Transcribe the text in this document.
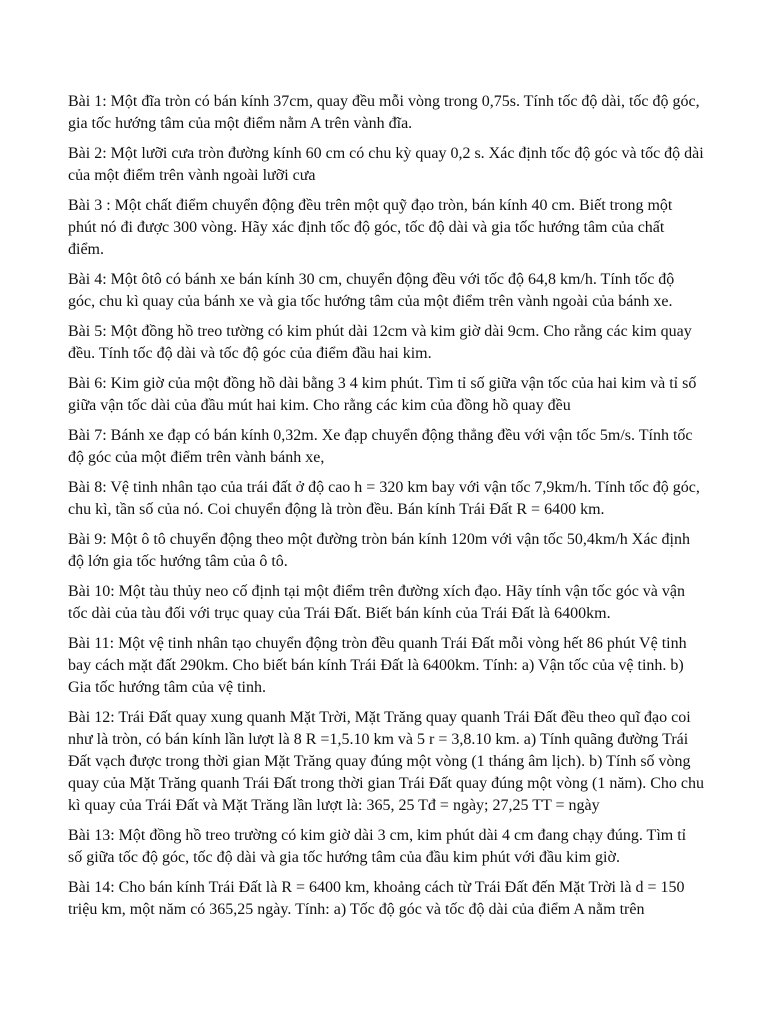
Bài 1: Một đĩa tròn có bán kính 37cm, quay đều mỗi vòng trong 0,75s. Tính tốc độ dài, tốc độ góc, gia tốc hướng tâm của một điểm nằm A trên vành đĩa.

Bài 2: Một lưỡi cưa tròn đường kính 60 cm có chu kỳ quay 0,2 s. Xác định tốc độ góc và tốc độ dài của một điểm trên vành ngoài lưỡi cưa

Bài 3 : Một chất điểm chuyển động đều trên một quỹ đạo tròn, bán kính 40 cm. Biết trong một phút nó đi được 300 vòng. Hãy xác định tốc độ góc, tốc độ dài và gia tốc hướng tâm của chất điểm.

Bài 4: Một ôtô có bánh xe bán kính 30 cm, chuyển động đều với tốc độ 64,8 km/h. Tính tốc độ góc, chu kì quay của bánh xe và gia tốc hướng tâm của một điểm trên vành ngoài của bánh xe.

Bài 5: Một đồng hồ treo tường có kim phút dài 12cm và kim giờ dài 9cm. Cho rằng các kim quay đều. Tính tốc độ dài và tốc độ góc của điểm đầu hai kim.

Bài 6: Kim giờ của một đồng hồ dài bằng 3 4 kim phút. Tìm tỉ số giữa vận tốc của hai kim và tỉ số giữa vận tốc dài của đầu mút hai kim. Cho rằng các kim của đồng hồ quay đều

Bài 7: Bánh xe đạp có bán kính 0,32m. Xe đạp chuyển động thẳng đều với vận tốc 5m/s. Tính tốc độ góc của một điểm trên vành bánh xe,

Bài 8: Vệ tinh nhân tạo của trái đất ở độ cao h = 320 km bay với vận tốc 7,9km/h. Tính tốc độ góc, chu kì, tần số của nó. Coi chuyển động là tròn đều. Bán kính Trái Đất R = 6400 km.

Bài 9: Một ô tô chuyển động theo một đường tròn bán kính 120m với vận tốc 50,4km/h Xác định độ lớn gia tốc hướng tâm của ô tô.

Bài 10: Một tàu thủy neo cố định tại một điểm trên đường xích đạo. Hãy tính vận tốc góc và vận tốc dài của tàu đối với trục quay của Trái Đất. Biết bán kính của Trái Đất là 6400km.

Bài 11: Một vệ tinh nhân tạo chuyển động tròn đều quanh Trái Đất mỗi vòng hết 86 phút Vệ tinh bay cách mặt đất 290km. Cho biết bán kính Trái Đất là 6400km. Tính: a) Vận tốc của vệ tinh. b) Gia tốc hướng tâm của vệ tinh.

Bài 12: Trái Đất quay xung quanh Mặt Trời, Mặt Trăng quay quanh Trái Đất đều theo quĩ đạo coi như là tròn, có bán kính lần lượt là 8 R =1,5.10 km và 5 r = 3,8.10 km. a) Tính quãng đường Trái Đất vạch được trong thời gian Mặt Trăng quay đúng một vòng (1 tháng âm lịch). b) Tính số vòng quay của Mặt Trăng quanh Trái Đất trong thời gian Trái Đất quay đúng một vòng (1 năm). Cho chu kì quay của Trái Đất và Mặt Trăng lần lượt là: 365, 25 Tđ = ngày; 27,25 TT = ngày

Bài 13: Một đồng hồ treo trường có kim giờ dài 3 cm, kim phút dài 4 cm đang chạy đúng. Tìm tỉ số giữa tốc độ góc, tốc độ dài và gia tốc hướng tâm của đầu kim phút với đầu kim giờ.

Bài 14: Cho bán kính Trái Đất là R = 6400 km, khoảng cách từ Trái Đất đến Mặt Trời là d = 150 triệu km, một năm có 365,25 ngày. Tính: a) Tốc độ góc và tốc độ dài của điểm A nằm trên
